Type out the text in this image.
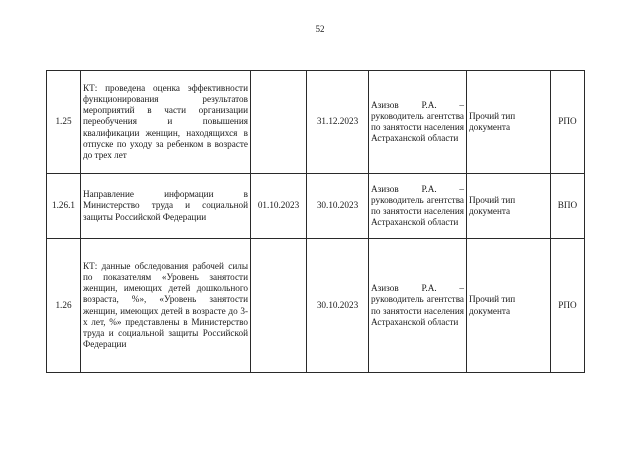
52
1.25	КТ: проведена оценка эффективности функционирования результатов мероприятий в части организации переобучения и повышения квалификации женщин, находящихся в отпуске по уходу за ребенком в возрасте до трех лет		31.12.2023	Азизов Р.А. – руководитель агентства по занятости населения Астраханской области	Прочий тип документа	РПО
1.26.1	Направление информации в Министерство труда и социальной защиты Российской Федерации	01.10.2023	30.10.2023	Азизов Р.А. – руководитель агентства по занятости населения Астраханской области	Прочий тип документа	ВПО
1.26	КТ: данные обследования рабочей силы по показателям «Уровень занятости женщин, имеющих детей дошкольного возраста, %», «Уровень занятости женщин, имеющих детей в возрасте до 3-х лет, %» представлены в Министерство труда и социальной защиты Российской Федерации		30.10.2023	Азизов Р.А. – руководитель агентства по занятости населения Астраханской области	Прочий тип документа	РПО
